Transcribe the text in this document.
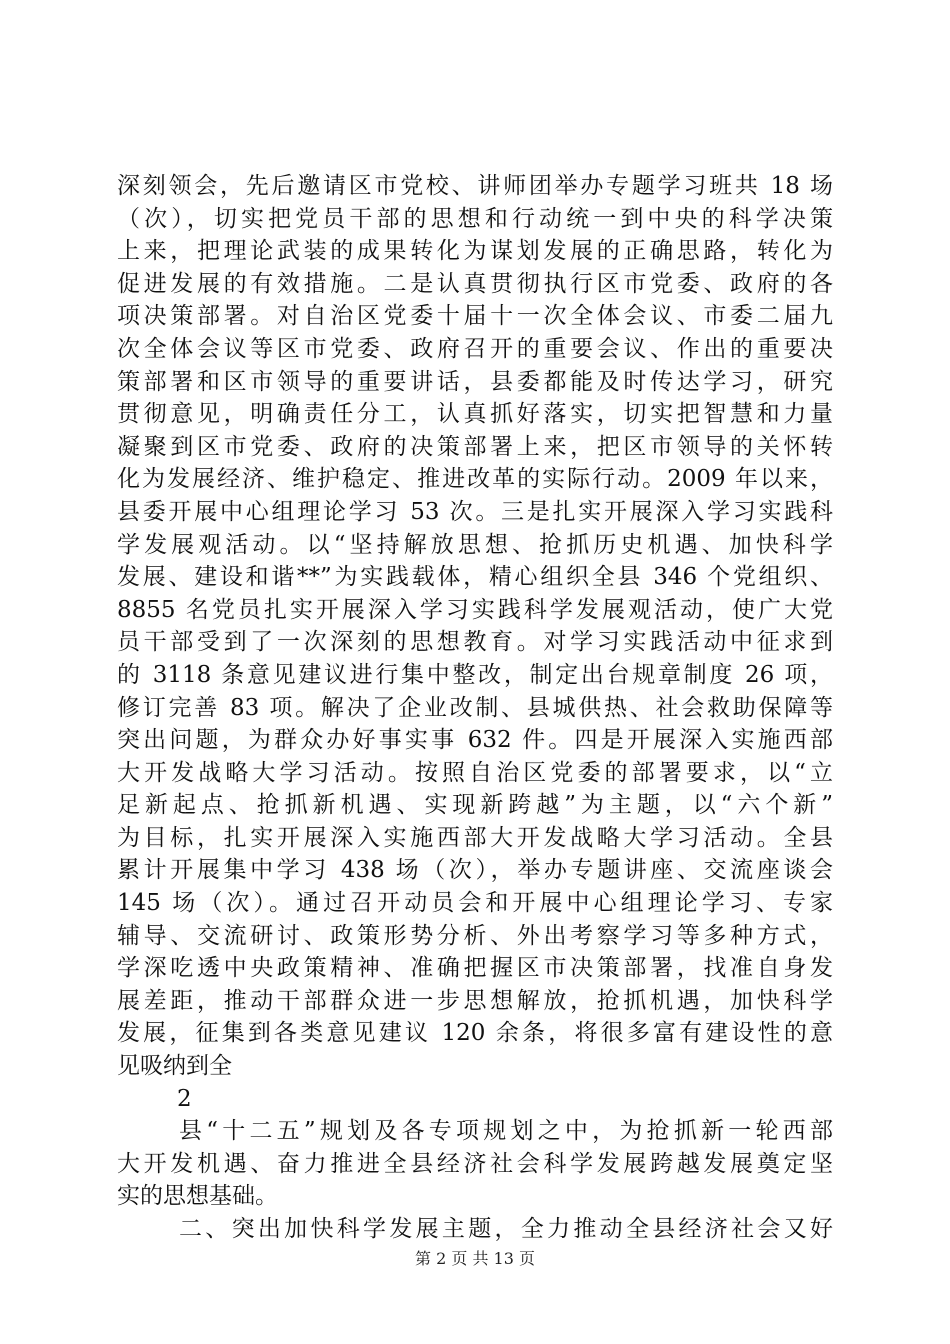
深刻领会，先后邀请区市党校、讲师团举办专题学习班共 18 场
（次），切实把党员干部的思想和行动统一到中央的科学决策
上来，把理论武装的成果转化为谋划发展的正确思路，转化为
促进发展的有效措施。二是认真贯彻执行区市党委、政府的各
项决策部署。对自治区党委十届十一次全体会议、市委二届九
次全体会议等区市党委、政府召开的重要会议、作出的重要决
策部署和区市领导的重要讲话，县委都能及时传达学习，研究
贯彻意见，明确责任分工，认真抓好落实，切实把智慧和力量
凝聚到区市党委、政府的决策部署上来，把区市领导的关怀转
化为发展经济、维护稳定、推进改革的实际行动。2009 年以来，
县委开展中心组理论学习 53 次。三是扎实开展深入学习实践科
学发展观活动。以“坚持解放思想、抢抓历史机遇、加快科学
发展、建设和谐**”为实践载体，精心组织全县 346 个党组织、
8855 名党员扎实开展深入学习实践科学发展观活动，使广大党
员干部受到了一次深刻的思想教育。对学习实践活动中征求到
的 3118 条意见建议进行集中整改，制定出台规章制度 26 项，
修订完善 83 项。解决了企业改制、县城供热、社会救助保障等
突出问题，为群众办好事实事 632 件。四是开展深入实施西部
大开发战略大学习活动。按照自治区党委的部署要求，以“立
足新起点、抢抓新机遇、实现新跨越”为主题，以“六个新”
为目标，扎实开展深入实施西部大开发战略大学习活动。全县
累计开展集中学习 438 场（次），举办专题讲座、交流座谈会
145 场（次）。通过召开动员会和开展中心组理论学习、专家
辅导、交流研讨、政策形势分析、外出考察学习等多种方式，
学深吃透中央政策精神、准确把握区市决策部署，找准自身发
展差距，推动干部群众进一步思想解放，抢抓机遇，加快科学
发展，征集到各类意见建议 120 余条，将很多富有建设性的意
见吸纳到全
2
县“十二五”规划及各专项规划之中，为抢抓新一轮西部
大开发机遇、奋力推进全县经济社会科学发展跨越发展奠定坚
实的思想基础。
二、突出加快科学发展主题，全力推动全县经济社会又好
第 2 页 共 13 页
